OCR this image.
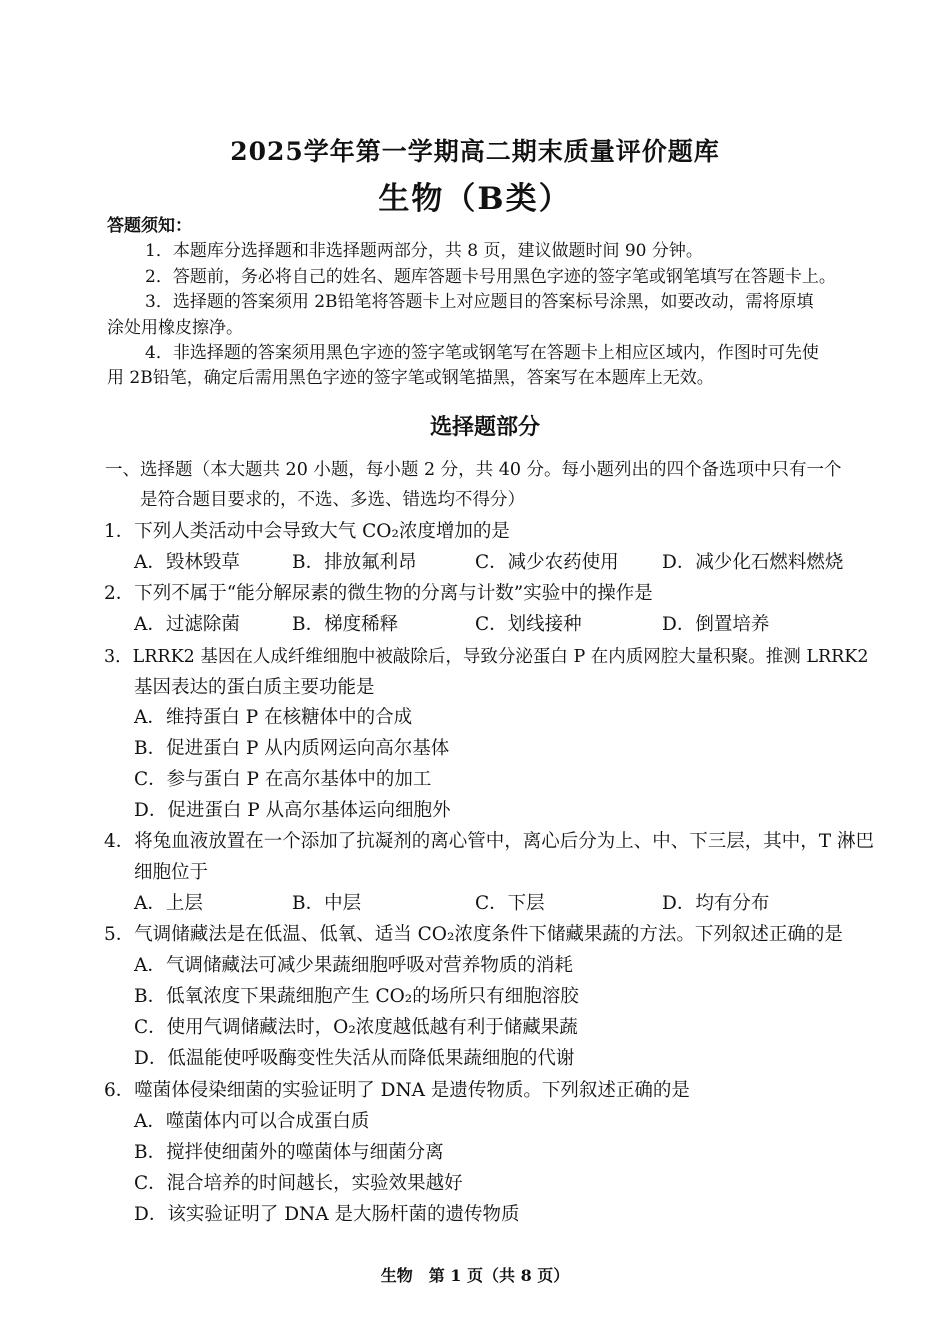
2025学年第一学期高二期末质量评价题库
生物（B类）
答题须知：
1．本题库分选择题和非选择题两部分，共 8 页，建议做题时间 90 分钟。
2．答题前，务必将自己的姓名、题库答题卡号用黑色字迹的签字笔或钢笔填写在答题卡上。
3．选择题的答案须用 2B铅笔将答题卡上对应题目的答案标号涂黑，如要改动，需将原填
涂处用橡皮擦净。
4．非选择题的答案须用黑色字迹的签字笔或钢笔写在答题卡上相应区域内，作图时可先使
用 2B铅笔，确定后需用黑色字迹的签字笔或钢笔描黑，答案写在本题库上无效。
选择题部分
一、选择题（本大题共 20 小题，每小题 2 分，共 40 分。每小题列出的四个备选项中只有一个
是符合题目要求的，不选、多选、错选均不得分）
1．下列人类活动中会导致大气 CO₂浓度增加的是
A．毁林毁草	B．排放氟利昂	C．减少农药使用 D．减少化石燃料燃烧
2．下列不属于“能分解尿素的微生物的分离与计数”实验中的操作是
A．过滤除菌	B．梯度稀释	C．划线接种	D．倒置培养
3．LRRK2 基因在人成纤维细胞中被敲除后，导致分泌蛋白 P 在内质网腔大量积聚。推测 LRRK2
基因表达的蛋白质主要功能是
A．维持蛋白 P 在核糖体中的合成
B．促进蛋白 P 从内质网运向高尔基体
C．参与蛋白 P 在高尔基体中的加工
D．促进蛋白 P 从高尔基体运向细胞外
4．将兔血液放置在一个添加了抗凝剂的离心管中，离心后分为上、中、下三层，其中，T 淋巴
细胞位于
A．上层	B．中层	C．下层	D．均有分布
5．气调储藏法是在低温、低氧、适当 CO₂浓度条件下储藏果蔬的方法。下列叙述正确的是
A．气调储藏法可减少果蔬细胞呼吸对营养物质的消耗
B．低氧浓度下果蔬细胞产生 CO₂的场所只有细胞溶胶
C．使用气调储藏法时，O₂浓度越低越有利于储藏果蔬
D．低温能使呼吸酶变性失活从而降低果蔬细胞的代谢
6．噬菌体侵染细菌的实验证明了 DNA 是遗传物质。下列叙述正确的是
A．噬菌体内可以合成蛋白质
B．搅拌使细菌外的噬菌体与细菌分离
C．混合培养的时间越长，实验效果越好
D．该实验证明了 DNA 是大肠杆菌的遗传物质
生物　第 1 页（共 8 页）
